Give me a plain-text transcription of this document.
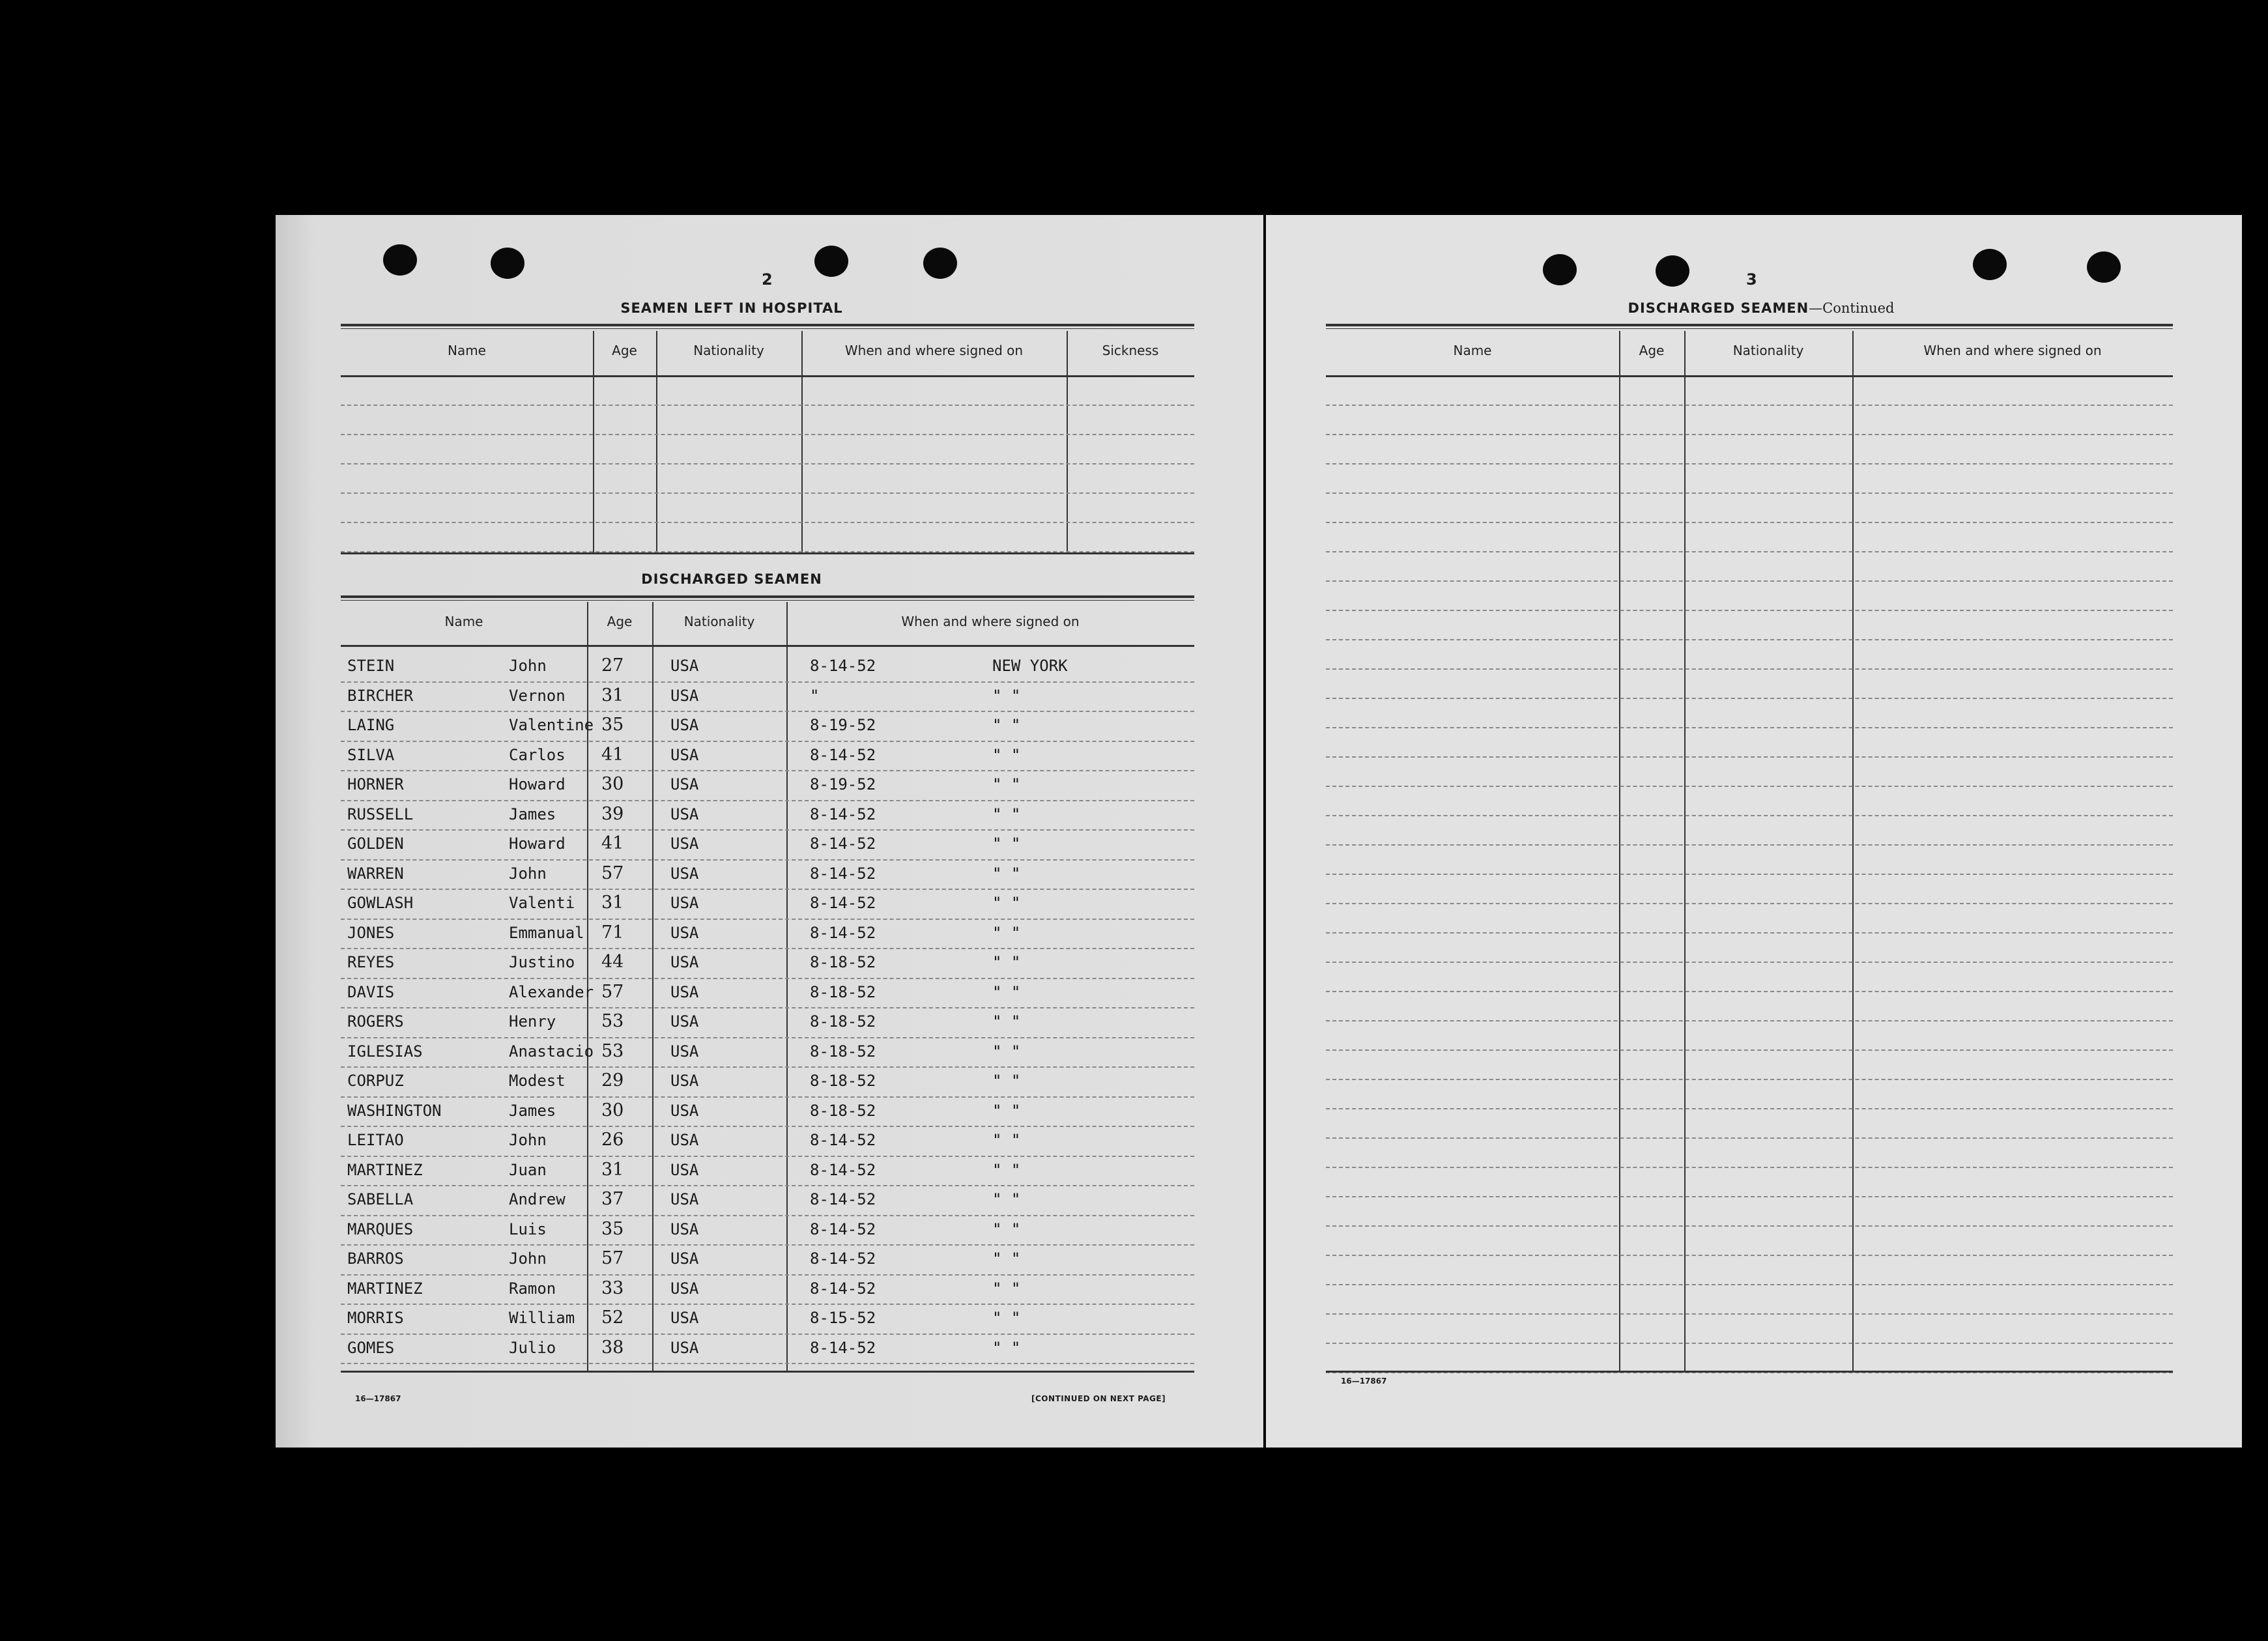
2
SEAMEN LEFT IN HOSPITAL
Name	Age	Nationality	When and where signed on	Sickness
DISCHARGED SEAMEN
Name	Age	Nationality	When and where signed on
STEIN	John	27	USA	8-14-52	NEW YORK
BIRCHER	Vernon 31	USA	"	" "
LAING	Valentine 35	USA	8-19-52	" "
SILVA	Carlos 41	USA	8-14-52	" "
HORNER	Howard 30	USA	8-19-52	" "
RUSSELL	James	39	USA	8-14-52	" "
GOLDEN	Howard 41	USA	8-14-52	" "
WARREN	John	57	USA	8-14-52	" "
GOWLASH	Valenti 31	USA	8-14-52	" "
JONES	Emmanual 71	USA	8-14-52	" "
REYES	Justino 44	USA	8-18-52	" "
DAVIS	Alexander 57	USA	8-18-52	" "
ROGERS	Henry	53	USA	8-18-52	" "
IGLESIAS	Anastacio 53	USA	8-18-52	" "
CORPUZ	Modest 29	USA	8-18-52	" "
WASHINGTON	James	30	USA	8-18-52	" "
LEITAO	John	26	USA	8-14-52	" "
MARTINEZ	Juan	31	USA	8-14-52	" "
SABELLA	Andrew 37	USA	8-14-52	" "
MARQUES	Luis	35	USA	8-14-52	" "
BARROS	John	57	USA	8-14-52	" "
MARTINEZ	Ramon	33	USA	8-14-52	" "
MORRIS	William 52	USA	8-15-52	" "
GOMES	Julio	38	USA	8-14-52	" "
16—17867	[CONTINUED ON NEXT PAGE]
3
DISCHARGED SEAMEN—Continued
Name	Age	Nationality	When and where signed on
16—17867
